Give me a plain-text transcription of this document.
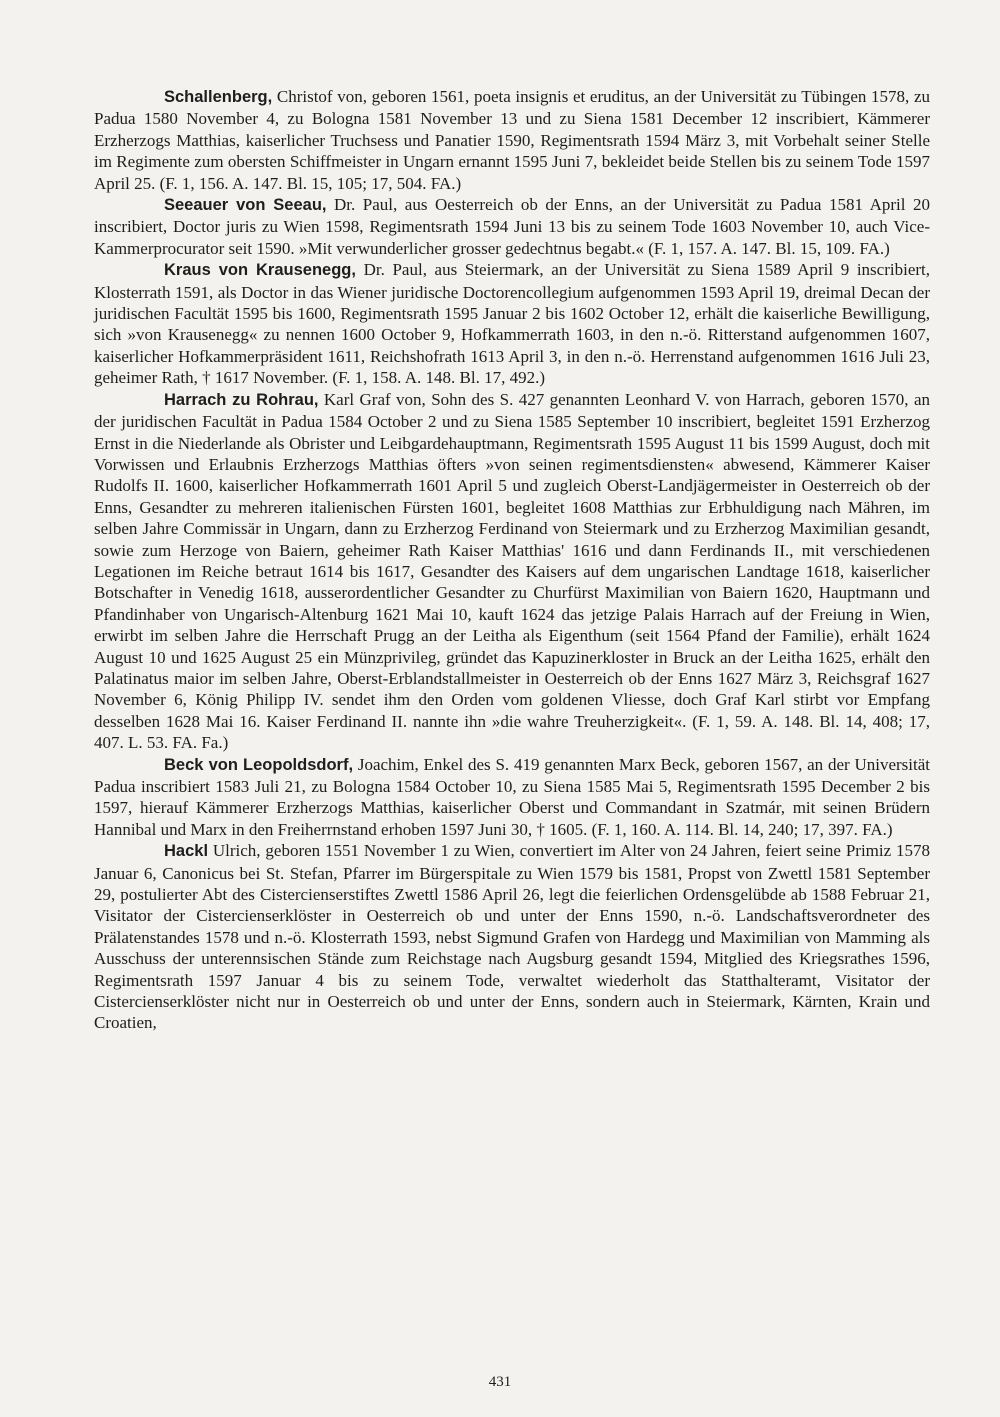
Schallenberg, Christof von, geboren 1561, poeta insignis et eruditus, an der Universität zu Tübingen 1578, zu Padua 1580 November 4, zu Bologna 1581 November 13 und zu Siena 1581 December 12 inscribiert, Kämmerer Erzherzogs Matthias, kaiserlicher Truchsess und Panatier 1590, Regimentsrath 1594 März 3, mit Vorbehalt seiner Stelle im Regimente zum obersten Schiffmeister in Ungarn ernannt 1595 Juni 7, bekleidet beide Stellen bis zu seinem Tode 1597 April 25. (F. 1, 156. A. 147. Bl. 15, 105; 17, 504. FA.)

Seeauer von Seeau, Dr. Paul, aus Oesterreich ob der Enns, an der Universität zu Padua 1581 April 20 inscribiert, Doctor juris zu Wien 1598, Regimentsrath 1594 Juni 13 bis zu seinem Tode 1603 November 10, auch Vice-Kammerprocurator seit 1590. »Mit verwunderlicher grosser gedechtnus begabt.« (F. 1, 157. A. 147. Bl. 15, 109. FA.)

Kraus von Krausenegg, Dr. Paul, aus Steiermark, an der Universität zu Siena 1589 April 9 inscribiert, Klosterrath 1591, als Doctor in das Wiener juridische Doctorencollegium aufgenommen 1593 April 19, dreimal Decan der juridischen Facultät 1595 bis 1600, Regimentsrath 1595 Januar 2 bis 1602 October 12, erhält die kaiserliche Bewilligung, sich »von Krausenegg« zu nennen 1600 October 9, Hofkammerrath 1603, in den n.-ö. Ritterstand aufgenommen 1607, kaiserlicher Hofkammerpräsident 1611, Reichshofrath 1613 April 3, in den n.-ö. Herrenstand aufgenommen 1616 Juli 23, geheimer Rath, † 1617 November. (F. 1, 158. A. 148. Bl. 17, 492.)

Harrach zu Rohrau, Karl Graf von, Sohn des S. 427 genannten Leonhard V. von Harrach, geboren 1570, an der juridischen Facultät in Padua 1584 October 2 und zu Siena 1585 September 10 inscribiert, begleitet 1591 Erzherzog Ernst in die Niederlande als Obrister und Leibgardehauptmann, Regimentsrath 1595 August 11 bis 1599 August, doch mit Vorwissen und Erlaubnis Erzherzogs Matthias öfters »von seinen regimentsdiensten« abwesend, Kämmerer Kaiser Rudolfs II. 1600, kaiserlicher Hofkammerrath 1601 April 5 und zugleich Oberst-Landjägermeister in Oesterreich ob der Enns, Gesandter zu mehreren italienischen Fürsten 1601, begleitet 1608 Matthias zur Erbhuldigung nach Mähren, im selben Jahre Commissär in Ungarn, dann zu Erzherzog Ferdinand von Steiermark und zu Erzherzog Maximilian gesandt, sowie zum Herzoge von Baiern, geheimer Rath Kaiser Matthias' 1616 und dann Ferdinands II., mit verschiedenen Legationen im Reiche betraut 1614 bis 1617, Gesandter des Kaisers auf dem ungarischen Landtage 1618, kaiserlicher Botschafter in Venedig 1618, ausserordentlicher Gesandter zu Churfürst Maximilian von Baiern 1620, Hauptmann und Pfandinhaber von Ungarisch-Altenburg 1621 Mai 10, kauft 1624 das jetzige Palais Harrach auf der Freiung in Wien, erwirbt im selben Jahre die Herrschaft Prugg an der Leitha als Eigenthum (seit 1564 Pfand der Familie), erhält 1624 August 10 und 1625 August 25 ein Münzprivileg, gründet das Kapuzinerkloster in Bruck an der Leitha 1625, erhält den Palatinatus maior im selben Jahre, Oberst-Erblandstallmeister in Oesterreich ob der Enns 1627 März 3, Reichsgraf 1627 November 6, König Philipp IV. sendet ihm den Orden vom goldenen Vliesse, doch Graf Karl stirbt vor Empfang desselben 1628 Mai 16. Kaiser Ferdinand II. nannte ihn »die wahre Treuherzigkeit«. (F. 1, 59. A. 148. Bl. 14, 408; 17, 407. L. 53. FA. Fa.)

Beck von Leopoldsdorf, Joachim, Enkel des S. 419 genannten Marx Beck, geboren 1567, an der Universität Padua inscribiert 1583 Juli 21, zu Bologna 1584 October 10, zu Siena 1585 Mai 5, Regimentsrath 1595 December 2 bis 1597, hierauf Kämmerer Erzherzogs Matthias, kaiserlicher Oberst und Commandant in Szatmár, mit seinen Brüdern Hannibal und Marx in den Freiherrnstand erhoben 1597 Juni 30, † 1605. (F. 1, 160. A. 114. Bl. 14, 240; 17, 397. FA.)

Hackl Ulrich, geboren 1551 November 1 zu Wien, convertiert im Alter von 24 Jahren, feiert seine Primiz 1578 Januar 6, Canonicus bei St. Stefan, Pfarrer im Bürgerspitale zu Wien 1579 bis 1581, Propst von Zwettl 1581 September 29, postulierter Abt des Cistercienserstiftes Zwettl 1586 April 26, legt die feierlichen Ordensgelübde ab 1588 Februar 21, Visitator der Cistercienserklöster in Oesterreich ob und unter der Enns 1590, n.-ö. Landschaftsverordneter des Prälatenstandes 1578 und n.-ö. Klosterrath 1593, nebst Sigmund Grafen von Hardegg und Maximilian von Mamming als Ausschuss der unterennsischen Stände zum Reichstage nach Augsburg gesandt 1594, Mitglied des Kriegsrathes 1596, Regimentsrath 1597 Januar 4 bis zu seinem Tode, verwaltet wiederholt das Statthalteramt, Visitator der Cistercienserklöster nicht nur in Oesterreich ob und unter der Enns, sondern auch in Steiermark, Kärnten, Krain und Croatien,

431
